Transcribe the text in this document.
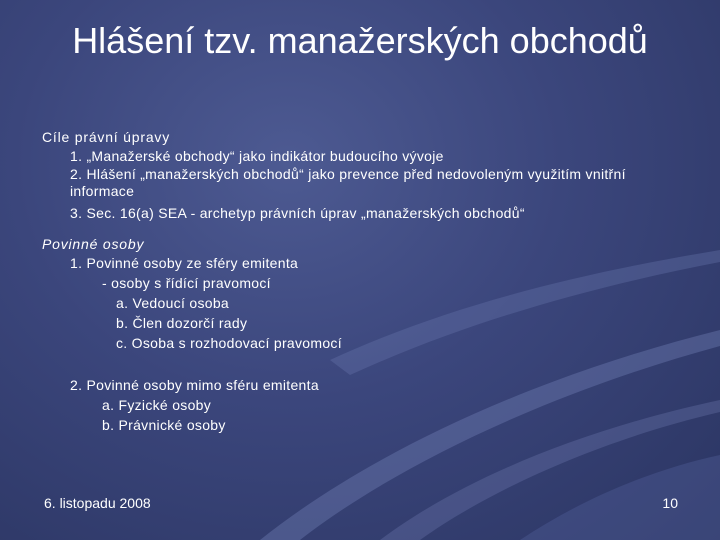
Hlášení tzv. manažerských obchodů
Cíle právní úpravy
1. „Manažerské obchody“ jako indikátor budoucího vývoje
2. Hlášení „manažerských obchodů“ jako prevence před nedovoleným využitím vnitřní informace
3. Sec. 16(a) SEA - archetyp právních úprav „manažerských obchodů“
Povinné osoby
1. Povinné osoby ze sféry emitenta
- osoby s řídící pravomocí
a. Vedoucí osoba
b. Člen dozorčí rady
c. Osoba s rozhodovací pravomocí
2. Povinné osoby mimo sféru emitenta
a. Fyzické osoby
b. Právnické osoby
6. listopadu 2008	10
